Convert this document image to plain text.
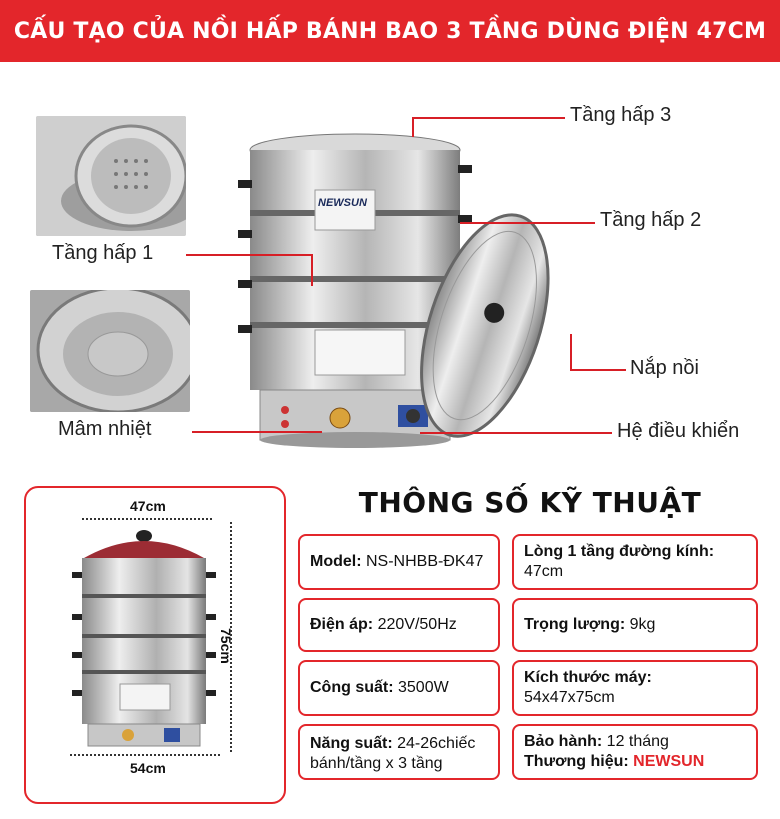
CẤU TẠO CỦA NỒI HẤP BÁNH BAO 3 TẦNG DÙNG ĐIỆN 47CM
NEWSUN
Tầng hấp 3
Tầng hấp 2
Tầng hấp 1
Nắp nồi
Mâm nhiệt	Hệ điều khiển
47cm
75cm
54cm
THÔNG SỐ KỸ THUẬT
Model:
NS-NHBB-ĐK47
Lòng 1 tầng đường kính:
47cm
Điện áp:
220V/50Hz	Trọng lượng:
9kg
Công suất:
3500W
Kích thước máy:
54x47x75cm
Năng suất: 24-26chiếc bánh/tầng x 3 tầng
Bảo hành: 12 tháng
Thương hiệu: NEWSUN
